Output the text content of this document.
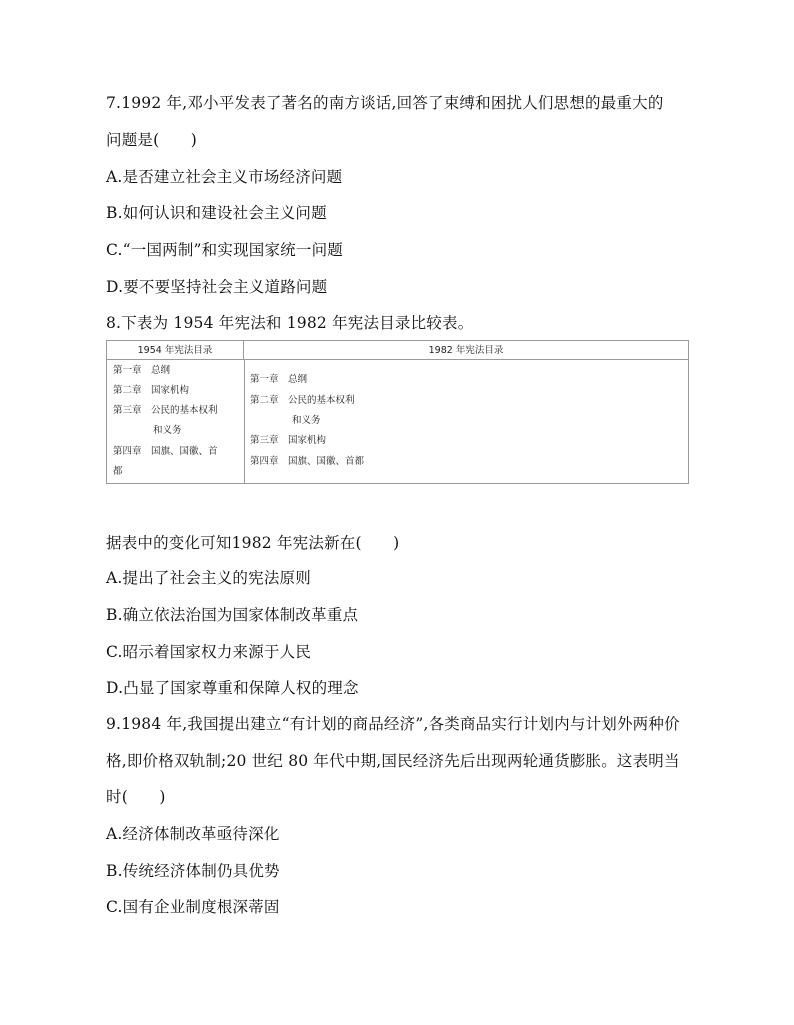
7.1992 年,邓小平发表了著名的南方谈话,回答了束缚和困扰人们思想的最重大的
问题是(　　)
A.是否建立社会主义市场经济问题
B.如何认识和建设社会主义问题
C.“一国两制”和实现国家统一问题
D.要不要坚持社会主义道路问题
8.下表为 1954 年宪法和 1982 年宪法目录比较表。
1954 年宪法目录	1982 年宪法目录
第一章　总纲
第二章　国家机构
第三章　公民的基本权利
和义务
第四章　国旗、国徽、首
都
第一章　总纲
第二章　公民的基本权利
和义务
第三章　国家机构
第四章　国旗、国徽、首都
据表中的变化可知1982 年宪法新在(　　)
A.提出了社会主义的宪法原则
B.确立依法治国为国家体制改革重点
C.昭示着国家权力来源于人民
D.凸显了国家尊重和保障人权的理念
9.1984 年,我国提出建立“有计划的商品经济”,各类商品实行计划内与计划外两种价
格,即价格双轨制;20 世纪 80 年代中期,国民经济先后出现两轮通货膨胀。这表明当
时(　　)
A.经济体制改革亟待深化
B.传统经济体制仍具优势
C.国有企业制度根深蒂固
